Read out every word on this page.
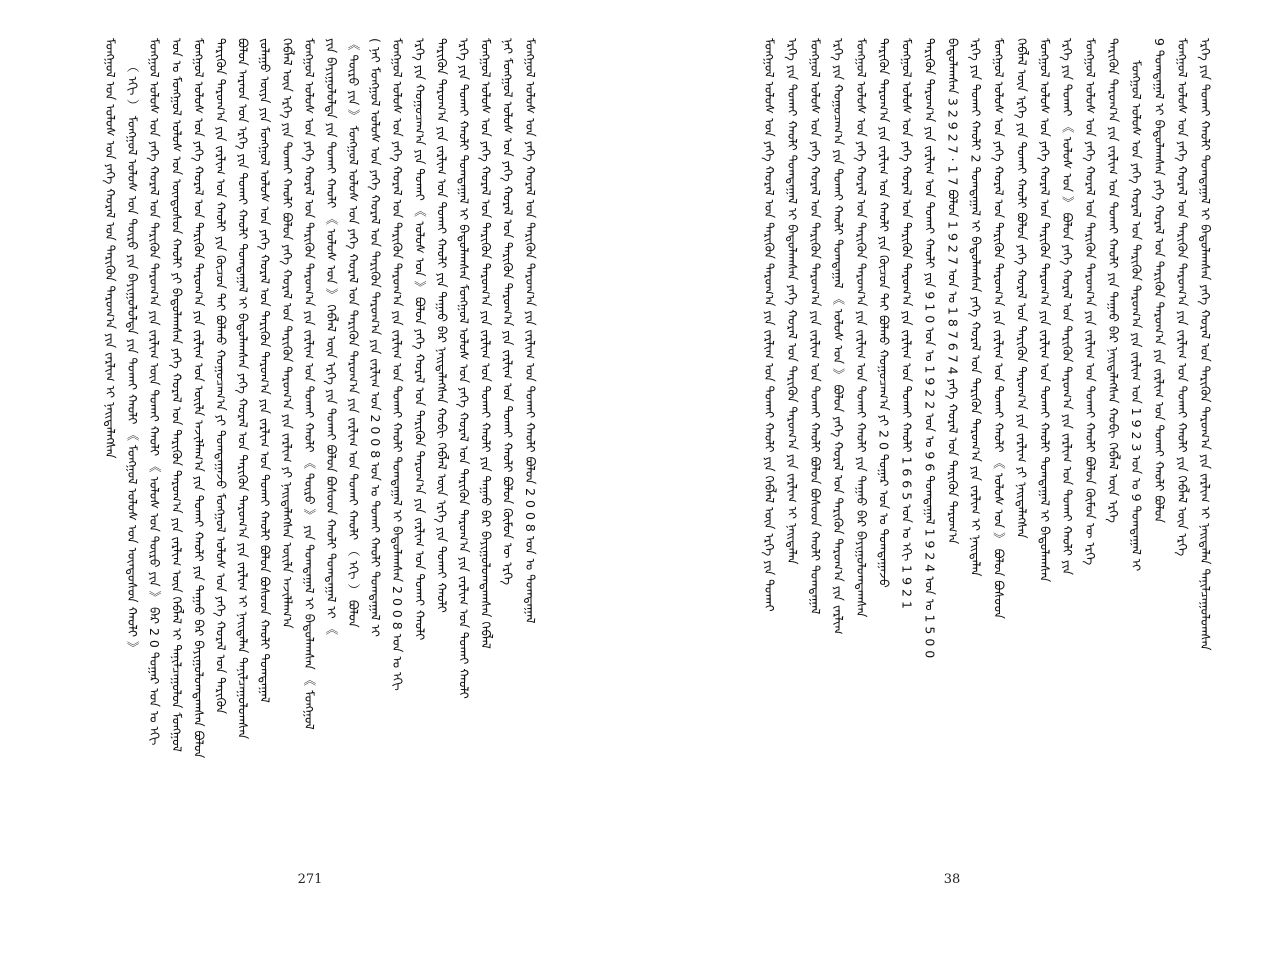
ᠮᠣᠩᠭᠣᠯ ᠤᠨ ᠤᠯᠤᠰ ᠤᠨ ᠶᠡᠬᠡ ᠬᠤᠷᠠᠯ ᠤᠨ ᠲᠡᠷᠢᠭᠦᠨ ᠳᠠᠷᠤᠭ᠎ᠠ ᠶᠢᠨ ᠵᠠᠷᠯᠢᠭ ᠢ ᠨᠡᠢᠲᠡᠯᠡᠭᠰᠡᠨ （ ᠡᠬᠢ ） ᠮᠣᠩᠭᠣᠯ ᠤᠯᠤᠰ ᠤᠨ ᠲᠥᠷᠦ ᠶᠢᠨ ᠪᠠᠶᠢᠭᠤᠯᠤᠯᠲᠠ ᠶᠢᠨ ᠲᠤᠬᠠᠢ ᠬᠠᠤᠯᠢ 《 ᠮᠣᠩᠭᠣᠯ ᠤᠯᠤᠰ ᠤᠨ ᠦᠨᠳᠦᠰᠦᠨ ᠬᠠᠤᠯᠢ 》 ᠮᠣᠩᠭᠣᠯ ᠤᠯᠤᠰ ᠤᠨ ᠶᠡᠬᠡ ᠬᠤᠷᠠᠯ ᠤᠨ ᠲᠡᠷᠢᠭᠦᠨ ᠳᠠᠷᠤᠭ᠎ᠠ ᠶᠢᠨ ᠵᠠᠷᠯᠢᠭ ᠦᠨ ᠲᠤᠬᠠᠢ ᠬᠠᠤᠯᠢ 《 ᠤᠯᠤᠰ ᠤᠨ ᠲᠥᠷᠦ ᠶᠢᠨ 》 ᠪᠡᠷ 2 0 ᠳᠤᠭᠠᠷ ᠣᠨ ᠤ ᠡᠬᠢ ᠣᠨ ᠤ ᠮᠣᠩᠭᠣᠯ ᠤᠯᠤᠰ ᠤᠨ ᠦᠨᠳᠦᠰᠦᠨ ᠬᠠᠤᠯᠢ ᠶᠢ ᠪᠠᠲᠤᠯᠠᠭᠰᠠᠨ ᠶᠡᠬᠡ ᠬᠤᠷᠠᠯ ᠤᠨ ᠲᠡᠷᠢᠭᠦᠨ ᠳᠠᠷᠤᠭ᠎ᠠ ᠶᠢᠨ ᠵᠠᠷᠯᠢᠭ ᠦᠨ ᠬᠡᠪᠯᠡᠯ ᠢ ᠲᠠᠨᠢᠯᠴᠠᠭᠤᠯᠤᠨ ᠮᠣᠩᠭᠣᠯ ᠮᠣᠩᠭᠣᠯ ᠤᠯᠤᠰ ᠤᠨ ᠶᠡᠬᠡ ᠬᠤᠷᠠᠯ ᠤᠨ ᠲᠡᠷᠢᠭᠦᠨ ᠳᠠᠷᠤᠭ᠎ᠠ ᠶᠢᠨ ᠵᠠᠷᠯᠢᠭ ᠤᠨ ᠦᠢᠯᠡ ᠠᠵᠢᠯᠯᠠᠭ᠎ᠠ ᠶᠢᠨ ᠲᠤᠬᠠᠢ ᠬᠠᠤᠯᠢ ᠶᠢᠨ ᠳᠠᠭᠠᠤ ᠪᠠᠷ ᠪᠠᠶᠢᠭᠤᠯᠤᠭᠳᠠᠭᠰᠠᠨ ᠪᠣᠯᠤᠨ ᠲᠡᠷᠢᠭᠦᠨ ᠳᠠᠷᠤᠭ᠎ᠠ ᠶᠢᠨ ᠵᠠᠷᠯᠢᠭ ᠤᠨ ᠬᠠᠤᠯᠢ ᠶᠢᠨ ᠬᠦᠴᠦᠨ ᠲᠡᠢ ᠪᠣᠯᠬᠤ ᠬᠤᠭᠤᠴᠠᠭ᠎ᠠ ᠶᠢ ᠲᠣᠭᠲᠠᠭᠠᠵᠤ ᠮᠣᠩᠭᠣᠯ ᠤᠯᠤᠰ ᠤᠨ ᠶᠡᠬᠡ ᠬᠤᠷᠠᠯ ᠤᠨ ᠲᠡᠷᠢᠭᠦᠨ ᠪᠣᠯᠤᠨ ᠠᠷᠠᠳ ᠤᠨ ᠡᠷᠬᠡ ᠶᠢᠨ ᠲᠤᠬᠠᠢ ᠬᠠᠤᠯᠢ ᠲᠣᠭᠲᠠᠭᠠᠯ ᠢ ᠪᠠᠲᠤᠯᠠᠭᠰᠠᠨ ᠶᠡᠬᠡ ᠬᠤᠷᠠᠯ ᠤᠨ ᠲᠡᠷᠢᠭᠦᠨ ᠳᠠᠷᠤᠭ᠎ᠠ ᠶᠢᠨ ᠵᠠᠷᠯᠢᠭ ᠢ ᠨᠡᠢᠲᠡᠯᠡᠨ ᠲᠠᠨᠢᠯᠴᠠᠭᠤᠯᠤᠭᠰᠠᠨ ᠵᠤᠯᠠᠭᠤ ᠦᠶᠡ ᠶᠢᠨ ᠮᠣᠩᠭᠣᠯ ᠤᠯᠤᠰ ᠤᠨ ᠶᠡᠬᠡ ᠬᠤᠷᠠᠯ ᠤᠨ ᠲᠡᠷᠢᠭᠦᠨ ᠳᠠᠷᠤᠭ᠎ᠠ ᠶᠢᠨ ᠵᠠᠷᠯᠢᠭ ᠤᠨ ᠲᠤᠬᠠᠢ ᠬᠠᠤᠯᠢ ᠪᠣᠯᠤᠨ ᠪᠤᠰᠤᠳ ᠬᠠᠤᠯᠢ ᠲᠣᠭᠲᠠᠭᠠᠯ ᠬᠡᠪᠯᠡᠯ ᠦᠨ ᠡᠷᠬᠡ ᠶᠢᠨ ᠲᠤᠬᠠᠢ ᠬᠠᠤᠯᠢ ᠪᠣᠯᠤᠨ ᠶᠡᠬᠡ ᠬᠤᠷᠠᠯ ᠤᠨ ᠲᠡᠷᠢᠭᠦᠨ ᠳᠠᠷᠤᠭ᠎ᠠ ᠶᠢᠨ ᠵᠠᠷᠯᠢᠭ ᠶᠢ ᠨᠡᠢᠲᠡᠯᠡᠭᠰᠡᠨ ᠦᠢᠯᠡ ᠠᠵᠢᠯᠯᠠᠭ᠎ᠠ ᠮᠣᠩᠭᠣᠯ ᠤᠯᠤᠰ ᠤᠨ ᠶᠡᠬᠡ ᠬᠤᠷᠠᠯ ᠤᠨ ᠲᠡᠷᠢᠭᠦᠨ ᠳᠠᠷᠤᠭ᠎ᠠ ᠶᠢᠨ ᠵᠠᠷᠯᠢᠭ ᠤᠨ ᠲᠤᠬᠠᠢ ᠬᠠᠤᠯᠢ 《 ᠲᠦᠷᠦ 》 ᠶᠢᠨ ᠲᠣᠭᠲᠠᠭᠠᠯ ᠢ ᠪᠠᠲᠤᠯᠠᠭᠰᠠᠨ 《 ᠮᠣᠩᠭᠣᠯ ᠶᠢᠨ ᠪᠠᠶᠢᠭᠤᠯᠤᠯᠲᠠ ᠶᠢᠨ ᠲᠤᠬᠠᠢ ᠬᠠᠤᠯᠢ 《 ᠤᠯᠤᠰ ᠤᠨ 》 ᠬᠡᠪᠯᠡᠯ ᠦᠨ ᠡᠷᠬᠡ ᠶᠢᠨ ᠲᠤᠬᠠᠢ ᠪᠣᠯᠤᠨ ᠪᠤᠰᠤᠳ ᠬᠠᠤᠯᠢ ᠲᠣᠭᠲᠠᠭᠠᠯ ᠢ 《 《 ᠲᠦᠷᠦ ᠶᠢᠨ 》 ᠮᠣᠩᠭᠣᠯ ᠤᠯᠤᠰ ᠤᠨ ᠶᠡᠬᠡ ᠬᠤᠷᠠᠯ ᠤᠨ ᠲᠡᠷᠢᠭᠦᠨ ᠳᠠᠷᠤᠭ᠎ᠠ ᠶᠢᠨ ᠵᠠᠷᠯᠢᠭ ᠤᠨ ᠲᠤᠬᠠᠢ ᠬᠠᠤᠯᠢ （ ᠡᠬᠢ ） ᠪᠣᠯᠤᠨ ( ᠨᠠᠢ ᠮᠣᠩᠭᠣᠯ ᠤᠯᠤᠰ ᠤᠨ ᠶᠡᠬᠡ ᠬᠤᠷᠠᠯ ᠤᠨ ᠲᠡᠷᠢᠭᠦᠨ ᠳᠠᠷᠤᠭ᠎ᠠ ᠶᠢᠨ ᠵᠠᠷᠯᠢᠭ ᠤᠨ 2 0 0 8 ᠣᠨ ᠤ ᠲᠤᠬᠠᠢ ᠬᠠᠤᠯᠢ ᠲᠣᠭᠲᠠᠭᠠᠯ ᠢ ᠮᠣᠩᠭᠣᠯ ᠤᠯᠤᠰ ᠤᠨ ᠶᠡᠬᠡ ᠬᠤᠷᠠᠯ ᠤᠨ ᠲᠡᠷᠢᠭᠦᠨ ᠳᠠᠷᠤᠭ᠎ᠠ ᠶᠢᠨ ᠵᠠᠷᠯᠢᠭ ᠤᠨ ᠲᠤᠬᠠᠢ ᠬᠠᠤᠯᠢ ᠲᠣᠭᠲᠠᠭᠠᠯ ᠢ ᠪᠠᠲᠤᠯᠠᠭᠰᠠᠨ 2 0 0 8 ᠣᠨ ᠤ ᠡᠬᠢ ᠡᠷᠬᠡ ᠶᠢᠨ ᠬᠤᠭᠤᠴᠠᠭ᠎ᠠ ᠶᠢᠨ ᠲᠤᠬᠠᠢ 《 ᠤᠯᠤᠰ ᠤᠨ 》 ᠪᠣᠯᠤᠨ ᠶᠡᠬᠡ ᠬᠤᠷᠠᠯ ᠤᠨ ᠲᠡᠷᠢᠭᠦᠨ ᠳᠠᠷᠤᠭ᠎ᠠ ᠶᠢᠨ ᠵᠠᠷᠯᠢᠭ ᠤᠨ ᠲᠤᠬᠠᠢ ᠬᠠᠤᠯᠢ ᠲᠡᠷᠢᠭᠦᠨ ᠳᠠᠷᠤᠭ᠎ᠠ ᠶᠢᠨ ᠵᠠᠷᠯᠢᠭ ᠤᠨ ᠲᠤᠬᠠᠢ ᠬᠠᠤᠯᠢ ᠶᠢᠨ ᠳᠠᠭᠠᠤ ᠪᠠᠷ ᠨᠡᠢᠲᠡᠯᠡᠭᠰᠡᠨ ᠬᠤᠪᠢ ᠬᠡᠪᠯᠡᠯ ᠦᠨ ᠡᠷᠬᠡ ᠶᠢᠨ ᠲᠤᠬᠠᠢ ᠬᠠᠤᠯᠢ ᠡᠷᠬᠡ ᠶᠢᠨ ᠲᠤᠬᠠᠢ ᠬᠠᠤᠯᠢ ᠲᠣᠭᠲᠠᠭᠠᠯ ᠢ ᠪᠠᠲᠤᠯᠠᠭᠰᠠᠨ ᠮᠣᠩᠭᠣᠯ ᠤᠯᠤᠰ ᠤᠨ ᠶᠡᠬᠡ ᠬᠤᠷᠠᠯ ᠤᠨ ᠲᠡᠷᠢᠭᠦᠨ ᠳᠠᠷᠤᠭ᠎ᠠ ᠶᠢᠨ ᠵᠠᠷᠯᠢᠭ ᠤᠨ ᠲᠤᠬᠠᠢ ᠬᠠᠤᠯᠢ ᠮᠣᠩᠭᠣᠯ ᠤᠯᠤᠰ ᠤᠨ ᠶᠡᠬᠡ ᠬᠤᠷᠠᠯ ᠤᠨ ᠲᠡᠷᠢᠭᠦᠨ ᠳᠠᠷᠤᠭ᠎ᠠ ᠶᠢᠨ ᠵᠠᠷᠯᠢᠭ ᠤᠨ ᠲᠤᠬᠠᠢ ᠬᠠᠤᠯᠢ ᠶᠢᠨ ᠳᠠᠭᠠᠤ ᠪᠠᠷ ᠪᠠᠶᠢᠭᠤᠯᠤᠭᠳᠠᠭᠰᠠᠨ ᠬᠡᠪᠯᠡᠯ ᠨᠠᠢ ᠮᠣᠩᠭᠣᠯ ᠤᠯᠤᠰ ᠤᠨ ᠶᠡᠬᠡ ᠬᠤᠷᠠᠯ ᠤᠨ ᠲᠡᠷᠢᠭᠦᠨ ᠳᠠᠷᠤᠭ᠎ᠠ ᠶᠢᠨ ᠵᠠᠷᠯᠢᠭ ᠤᠨ ᠲᠤᠬᠠᠢ ᠬᠠᠤᠯᠢ ᠪᠣᠯᠤᠨ ᠬᠦᠮᠦᠨ ᠦ ᠡᠷᠬᠡ ᠮᠣᠩᠭᠣᠯ ᠤᠯᠤᠰ ᠤᠨ ᠶᠡᠬᠡ ᠬᠤᠷᠠᠯ ᠤᠨ ᠲᠡᠷᠢᠭᠦᠨ ᠳᠠᠷᠤᠭ᠎ᠠ ᠶᠢᠨ ᠵᠠᠷᠯᠢᠭ ᠤᠨ ᠲᠤᠬᠠᠢ ᠬᠠᠤᠯᠢ ᠪᠣᠯᠤᠨ 2 0 0 8 ᠣᠨ ᠤ ᠲᠣᠭᠲᠠᠭᠠᠯ
271
ᠮᠣᠩᠭᠣᠯ ᠤᠯᠤᠰ ᠤᠨ ᠶᠡᠬᠡ ᠬᠤᠷᠠᠯ ᠤᠨ ᠲᠡᠷᠢᠭᠦᠨ ᠳᠠᠷᠤᠭ᠎ᠠ ᠶᠢᠨ ᠵᠠᠷᠯᠢᠭ ᠤᠨ ᠲᠤᠬᠠᠢ ᠬᠠᠤᠯᠢ ᠶᠢᠨ ᠬᠡᠪᠯᠡᠯ ᠦᠨ ᠡᠷᠬᠡ ᠶᠢᠨ ᠲᠤᠬᠠᠢ ᠡᠷᠬᠡ ᠶᠢᠨ ᠲᠤᠬᠠᠢ ᠬᠠᠤᠯᠢ ᠲᠣᠭᠲᠠᠭᠠᠯ ᠢ ᠪᠠᠲᠤᠯᠠᠭᠰᠠᠨ ᠶᠡᠬᠡ ᠬᠤᠷᠠᠯ ᠤᠨ ᠲᠡᠷᠢᠭᠦᠨ ᠳᠠᠷᠤᠭ᠎ᠠ ᠶᠢᠨ ᠵᠠᠷᠯᠢᠭ ᠢ ᠨᠡᠢᠲᠡᠯᠡᠨ ᠮᠣᠩᠭᠣᠯ ᠤᠯᠤᠰ ᠤᠨ ᠶᠡᠬᠡ ᠬᠤᠷᠠᠯ ᠤᠨ ᠲᠡᠷᠢᠭᠦᠨ ᠳᠠᠷᠤᠭ᠎ᠠ ᠶᠢᠨ ᠵᠠᠷᠯᠢᠭ ᠤᠨ ᠲᠤᠬᠠᠢ ᠬᠠᠤᠯᠢ ᠪᠣᠯᠤᠨ ᠪᠤᠰᠤᠳ ᠬᠠᠤᠯᠢ ᠲᠣᠭᠲᠠᠭᠠᠯ ᠡᠷᠬᠡ ᠶᠢᠨ ᠬᠤᠭᠤᠴᠠᠭ᠎ᠠ ᠶᠢᠨ ᠲᠤᠬᠠᠢ ᠬᠠᠤᠯᠢ ᠲᠣᠭᠲᠠᠭᠠᠯ 《 ᠤᠯᠤᠰ ᠤᠨ 》 ᠪᠣᠯᠤᠨ ᠶᠡᠬᠡ ᠬᠤᠷᠠᠯ ᠤᠨ ᠲᠡᠷᠢᠭᠦᠨ ᠳᠠᠷᠤᠭ᠎ᠠ ᠶᠢᠨ ᠵᠠᠷᠯᠢᠭ ᠮᠣᠩᠭᠣᠯ ᠤᠯᠤᠰ ᠤᠨ ᠶᠡᠬᠡ ᠬᠤᠷᠠᠯ ᠤᠨ ᠲᠡᠷᠢᠭᠦᠨ ᠳᠠᠷᠤᠭ᠎ᠠ ᠶᠢᠨ ᠵᠠᠷᠯᠢᠭ ᠤᠨ ᠲᠤᠬᠠᠢ ᠬᠠᠤᠯᠢ ᠶᠢᠨ ᠳᠠᠭᠠᠤ ᠪᠠᠷ ᠪᠠᠶᠢᠭᠤᠯᠤᠭᠳᠠᠭᠰᠠᠨ ᠲᠡᠷᠢᠭᠦᠨ ᠳᠠᠷᠤᠭ᠎ᠠ ᠶᠢᠨ ᠵᠠᠷᠯᠢᠭ ᠤᠨ ᠬᠠᠤᠯᠢ ᠶᠢᠨ ᠬᠦᠴᠦᠨ ᠲᠡᠢ ᠪᠣᠯᠬᠤ ᠬᠤᠭᠤᠴᠠᠭ᠎ᠠ ᠶᠢ 2 0 ᠳᠤᠭᠠᠷ ᠣᠨ ᠤ ᠲᠣᠭᠲᠠᠭᠠᠵᠤ ᠮᠣᠩᠭᠣᠯ ᠤᠯᠤᠰ ᠤᠨ ᠶᠡᠬᠡ ᠬᠤᠷᠠᠯ ᠤᠨ ᠲᠡᠷᠢᠭᠦᠨ ᠳᠠᠷᠤᠭ᠎ᠠ ᠶᠢᠨ ᠵᠠᠷᠯᠢᠭ ᠤᠨ ᠲᠤᠬᠠᠢ ᠬᠠᠤᠯᠢ 1 6 6 5 ᠣᠨ ᠤ ᠡᠬᠢ 1 9 2 1 ᠲᠡᠷᠢᠭᠦᠨ ᠳᠠᠷᠤᠭ᠎ᠠ ᠶᠢᠨ ᠵᠠᠷᠯᠢᠭ ᠤᠨ ᠲᠤᠬᠠᠢ ᠬᠠᠤᠯᠢ ᠶᠢᠨ 9 1 0 ᠣᠨ ᠤ 1 9 2 2 ᠣᠨ ᠤ 9 6 ᠲᠣᠭᠲᠠᠭᠠᠯ 1 9 2 4 ᠣᠨ ᠤ 1 5 0 0 ᠪᠠᠲᠤᠯᠠᠭᠰᠠᠨ 3 2 9 2 7 · 1 7 ᠪᠣᠯᠤᠨ 1 9 2 7 ᠣᠨ ᠤ 1 8 7 6 7 4 ᠶᠡᠬᠡ ᠬᠤᠷᠠᠯ ᠤᠨ ᠲᠡᠷᠢᠭᠦᠨ ᠳᠠᠷᠤᠭ᠎ᠠ ᠡᠷᠬᠡ ᠶᠢᠨ ᠲᠤᠬᠠᠢ ᠬᠠᠤᠯᠢ 2 ᠲᠣᠭᠲᠠᠭᠠᠯ ᠢ ᠪᠠᠲᠤᠯᠠᠭᠰᠠᠨ ᠶᠡᠬᠡ ᠬᠤᠷᠠᠯ ᠤᠨ ᠲᠡᠷᠢᠭᠦᠨ ᠳᠠᠷᠤᠭ᠎ᠠ ᠶᠢᠨ ᠵᠠᠷᠯᠢᠭ ᠢ ᠨᠡᠢᠲᠡᠯᠡᠨ ᠮᠣᠩᠭᠣᠯ ᠤᠯᠤᠰ ᠤᠨ ᠶᠡᠬᠡ ᠬᠤᠷᠠᠯ ᠤᠨ ᠲᠡᠷᠢᠭᠦᠨ ᠳᠠᠷᠤᠭ᠎ᠠ ᠶᠢᠨ ᠵᠠᠷᠯᠢᠭ ᠤᠨ ᠲᠤᠬᠠᠢ ᠬᠠᠤᠯᠢ 《 ᠤᠯᠤᠰ ᠤᠨ 》 ᠪᠣᠯᠤᠨ ᠪᠤᠰᠤᠳ ᠬᠡᠪᠯᠡᠯ ᠦᠨ ᠡᠷᠬᠡ ᠶᠢᠨ ᠲᠤᠬᠠᠢ ᠬᠠᠤᠯᠢ ᠪᠣᠯᠤᠨ ᠶᠡᠬᠡ ᠬᠤᠷᠠᠯ ᠤᠨ ᠲᠡᠷᠢᠭᠦᠨ ᠳᠠᠷᠤᠭ᠎ᠠ ᠶᠢᠨ ᠵᠠᠷᠯᠢᠭ ᠶᠢ ᠨᠡᠢᠲᠡᠯᠡᠭᠰᠡᠨ ᠮᠣᠩᠭᠣᠯ ᠤᠯᠤᠰ ᠤᠨ ᠶᠡᠬᠡ ᠬᠤᠷᠠᠯ ᠤᠨ ᠲᠡᠷᠢᠭᠦᠨ ᠳᠠᠷᠤᠭ᠎ᠠ ᠶᠢᠨ ᠵᠠᠷᠯᠢᠭ ᠤᠨ ᠲᠤᠬᠠᠢ ᠬᠠᠤᠯᠢ ᠲᠣᠭᠲᠠᠭᠠᠯ ᠢ ᠪᠠᠲᠤᠯᠠᠭᠰᠠᠨ ᠡᠷᠬᠡ ᠶᠢᠨ ᠲᠤᠬᠠᠢ 《 ᠤᠯᠤᠰ ᠤᠨ 》 ᠪᠣᠯᠤᠨ ᠶᠡᠬᠡ ᠬᠤᠷᠠᠯ ᠤᠨ ᠲᠡᠷᠢᠭᠦᠨ ᠳᠠᠷᠤᠭ᠎ᠠ ᠶᠢᠨ ᠵᠠᠷᠯᠢᠭ ᠤᠨ ᠲᠤᠬᠠᠢ ᠬᠠᠤᠯᠢ ᠶᠢᠨ ᠮᠣᠩᠭᠣᠯ ᠤᠯᠤᠰ ᠤᠨ ᠶᠡᠬᠡ ᠬᠤᠷᠠᠯ ᠤᠨ ᠲᠡᠷᠢᠭᠦᠨ ᠳᠠᠷᠤᠭ᠎ᠠ ᠶᠢᠨ ᠵᠠᠷᠯᠢᠭ ᠤᠨ ᠲᠤᠬᠠᠢ ᠬᠠᠤᠯᠢ ᠪᠣᠯᠤᠨ ᠬᠦᠮᠦᠨ ᠦ ᠡᠷᠬᠡ ᠲᠡᠷᠢᠭᠦᠨ ᠳᠠᠷᠤᠭ᠎ᠠ ᠶᠢᠨ ᠵᠠᠷᠯᠢᠭ ᠤᠨ ᠲᠤᠬᠠᠢ ᠬᠠᠤᠯᠢ ᠶᠢᠨ ᠳᠠᠭᠠᠤ ᠪᠠᠷ ᠨᠡᠢᠲᠡᠯᠡᠭᠰᠡᠨ ᠬᠤᠪᠢ ᠬᠡᠪᠯᠡᠯ ᠦᠨ ᠡᠷᠬᠡ ᠮᠣᠩᠭᠣᠯ ᠤᠯᠤᠰ ᠤᠨ ᠶᠡᠬᠡ ᠬᠤᠷᠠᠯ ᠤᠨ ᠲᠡᠷᠢᠭᠦᠨ ᠳᠠᠷᠤᠭ᠎ᠠ ᠶᠢᠨ ᠵᠠᠷᠯᠢᠭ ᠤᠨ 1 9 2 3 ᠣᠨ ᠤ 9 ᠲᠣᠭᠲᠠᠭᠠᠯ ᠢ 9 ᠲᠣᠭᠲᠠᠭᠠᠯ ᠢ ᠪᠠᠲᠤᠯᠠᠭᠰᠠᠨ ᠶᠡᠬᠡ ᠬᠤᠷᠠᠯ ᠤᠨ ᠲᠡᠷᠢᠭᠦᠨ ᠳᠠᠷᠤᠭ᠎ᠠ ᠶᠢᠨ ᠵᠠᠷᠯᠢᠭ ᠤᠨ ᠲᠤᠬᠠᠢ ᠬᠠᠤᠯᠢ ᠪᠣᠯᠤᠨ ᠮᠣᠩᠭᠣᠯ ᠤᠯᠤᠰ ᠤᠨ ᠶᠡᠬᠡ ᠬᠤᠷᠠᠯ ᠤᠨ ᠲᠡᠷᠢᠭᠦᠨ ᠳᠠᠷᠤᠭ᠎ᠠ ᠶᠢᠨ ᠵᠠᠷᠯᠢᠭ ᠤᠨ ᠲᠤᠬᠠᠢ ᠬᠠᠤᠯᠢ ᠶᠢᠨ ᠬᠡᠪᠯᠡᠯ ᠦᠨ ᠡᠷᠬᠡ ᠡᠷᠬᠡ ᠶᠢᠨ ᠲᠤᠬᠠᠢ ᠬᠠᠤᠯᠢ ᠲᠣᠭᠲᠠᠭᠠᠯ ᠢ ᠪᠠᠲᠤᠯᠠᠭᠰᠠᠨ ᠶᠡᠬᠡ ᠬᠤᠷᠠᠯ ᠤᠨ ᠲᠡᠷᠢᠭᠦᠨ ᠳᠠᠷᠤᠭ᠎ᠠ ᠶᠢᠨ ᠵᠠᠷᠯᠢᠭ ᠢ ᠨᠡᠢᠲᠡᠯᠡᠨ ᠲᠠᠨᠢᠯᠴᠠᠭᠤᠯᠤᠭᠰᠠᠨ
38
